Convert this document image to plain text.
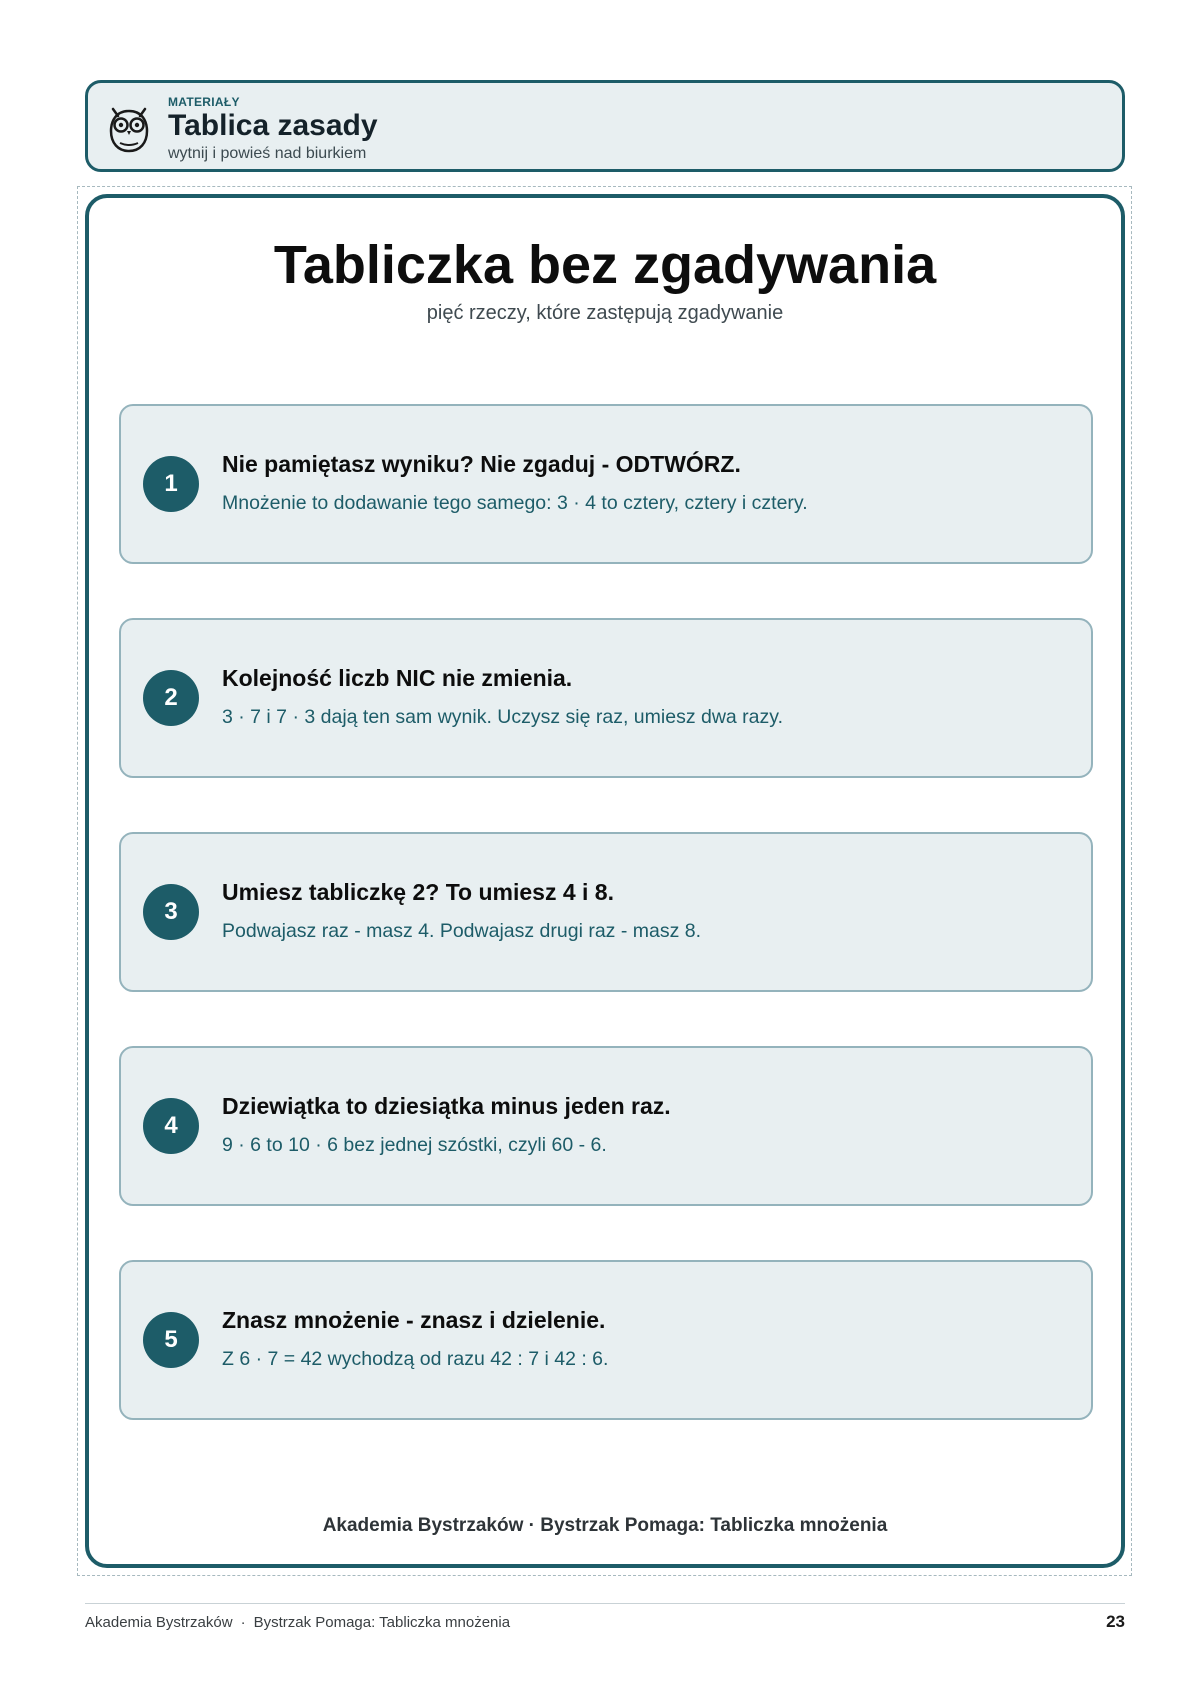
MATERIAŁY
Tablica zasady
wytnij i powieś nad biurkiem
Tabliczka bez zgadywania
pięć rzeczy, które zastępują zgadywanie
1
Nie pamiętasz wyniku? Nie zgaduj - ODTWÓRZ.
Mnożenie to dodawanie tego samego: 3 · 4 to cztery, cztery i cztery.
2
Kolejność liczb NIC nie zmienia.
3 · 7 i 7 · 3 dają ten sam wynik. Uczysz się raz, umiesz dwa razy.
3
Umiesz tabliczkę 2? To umiesz 4 i 8.
Podwajasz raz - masz 4. Podwajasz drugi raz - masz 8.
4
Dziewiątka to dziesiątka minus jeden raz.
9 · 6 to 10 · 6 bez jednej szóstki, czyli 60 - 6.
5
Znasz mnożenie - znasz i dzielenie.
Z 6 · 7 = 42 wychodzą od razu 42 : 7 i 42 : 6.
Akademia Bystrzaków · Bystrzak Pomaga: Tabliczka mnożenia
Akademia Bystrzaków · Bystrzak Pomaga: Tabliczka mnożenia	23
